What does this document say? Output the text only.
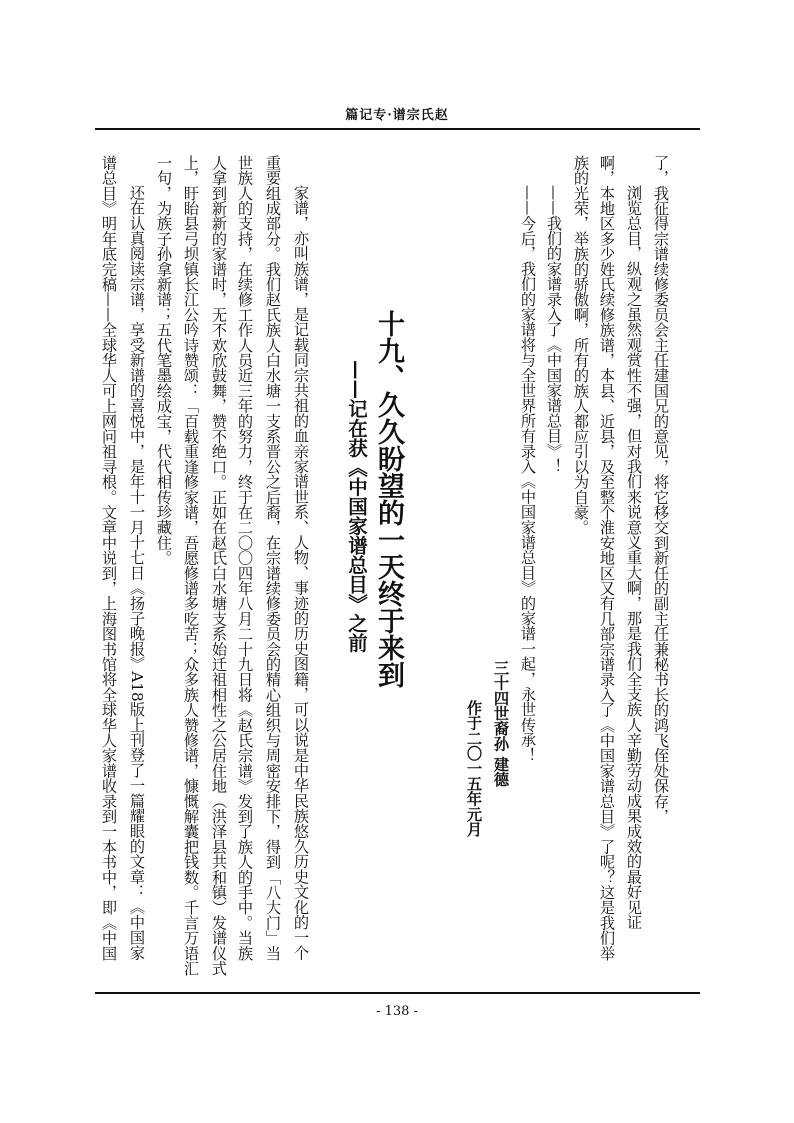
篇记专·谱宗氏赵
了，我征得宗谱续修委员会主任建国兄的意见，将它移交到新任的副主任兼秘书长的鸿飞侄处保存，
浏览总目，纵观之虽然观赏性不强，但对我们来说意义重大啊，那是我们全支族人辛勤劳动成果成效的最好见证
啊，本地区多少姓氏续修族谱，本县、近县，及至整个淮安地区又有几部宗谱录入了《中国家谱总目》了呢？这是我们举
族的光荣，举族的骄傲啊，所有的族人都应引以为自豪。
——我们的家谱录入了《中国家谱总目》！
——今后，我们的家谱将与全世界所有录入《中国家谱总目》的家谱一起，永世传承！
三十四世裔孙 建德
作于二〇一五年元月
十九、久久盼望的一天终于来到
——记在获《中国家谱总目》之前
家谱，亦叫族谱，是记载同宗共祖的血亲家谱世系、人物、事迹的历史图籍，可以说是中华民族悠久历史文化的一个
重要组成部分。我们赵氏族人白水塘一支系晋公之后裔，在宗谱续修委员会的精心组织与周密安排下，得到「八大门」当
世族人的支持，在续修工作人员近三年的努力，终于在二〇〇四年八月二十九日将《赵氏宗谱》发到了族人的手中。当族
人拿到新新的家谱时，无不欢欣鼓舞，赞不绝口。正如在赵氏白水塘支系始迁祖相性之公居住地（洪泽县共和镇）发谱仪式
上，盱眙县弓坝镇长江公吟诗赞颂：「百载重逢修家谱，吾愿修谱多吃苦；众多族人赞修谱，慷慨解囊把钱数。千言万语汇
一句，为族子孙拿新谱；五代笔墨绘成宝，代代相传珍藏住。
还在认真阅读宗谱，享受新谱的喜悦中，是年十一月十七日《扬子晚报》A18版上刊登了一篇耀眼的文章：《中国家
谱总目》明年底完稿——全球华人可上网问祖寻根。文章中说到，上海图书馆将全球华人家谱收录到一本书中，即《中国
- 138 -
